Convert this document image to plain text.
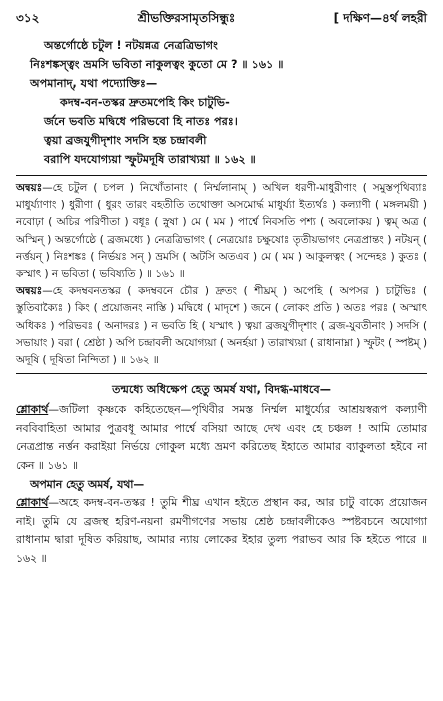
৩১২	শ্রীভক্তিরসামৃতসিন্ধুঃ	[ দক্ষিণ—৪র্থ লহরী
অন্তর্গোষ্ঠে চটুল ! নটয়ন্নত্র নেত্রত্রিভাগং
নিঃশঙ্কস্ত্বং ভ্রমসি ভবিতা নাকুলত্বং কুতো মে ? ॥ ১৬১ ॥
অপমানাদ্‌, যথা পদ্যোক্তিঃ—
কদম্ব-বন-তস্কর দ্রুতমপেহি কিং চাটুভি-
র্জনে ভবতি মদ্বিধে পরিভবো হি নাতঃ পরঃ।
ত্বয়া ব্রজযুগীদৃশাং সদসি হন্ত চন্দ্রাবলী
বরাপি যদযোগ্যয়া স্ফুটমদূষি তারাখ্যয়া ॥ ১৬২ ॥

অন্বয়ঃ—হে চটুল ( চপল ) নিখোঁতানাং ( নির্ম্মলানাম্‌ ) অখিল ধরণী-মাধুরীণাং ( সমুস্তপৃথিব্যাঃ মাধুর্য্যাণাং ) ধুরীণা ( ধুরং তারং বহতীতি তথোক্তা অসমোর্দ্ধ মাধুর্য্যা ইত্যর্থঃ ) কল্যাণী ( মঙ্গলময়ী ) নবোঢ়া ( অচির পরিণীতা ) বধূঃ ( স্নুষা ) মে ( মম ) পার্শ্বে নিবসতি পশ্য ( অবলোকয় ) ত্বম্‌ অত্র ( অস্মিন্‌ ) অন্তর্গোষ্ঠে ( ব্রজমধ্যে ) নেত্রত্রিভাগং ( নেত্রয়োঃ চক্ষুষোঃ তৃতীয়ভাগং নেত্রপ্রান্তং ) নটয়ন্‌ ( নর্ত্তয়ন্‌ ) নিঃশঙ্কঃ ( নির্ভয়ঃ সন্‌ ) ভ্রমসি ( অটসি অতএব ) মে ( মম ) আকুলত্বং ( সন্দেহঃ ) কুতঃ ( কস্মাৎ ) ন ভবিতা ( ভবিষ্যতি ) ॥ ১৬১ ॥

অন্বয়ঃ—হে কদম্ববনতস্কর ( কদম্ববনে চৌর ) দ্রুতং ( শীঘ্রম্‌ ) অপেহি ( অপসর ) চাটুভিঃ ( স্তুতিবাক্যৈঃ ) কিং ( প্রয়োজনং নাস্তি ) মদ্বিধে ( মাদৃশে ) জনে ( লোকং প্রতি ) অতঃ পরঃ ( অস্মাৎ অধিকঃ ) পরিভবঃ ( অনাদরঃ ) ন ভবতি হি ( যস্মাৎ ) ত্বয়া ব্রজযুগীদৃশাং ( ব্রজ-যুবতীনাং ) সদসি ( সভায়াং ) বরা ( শ্রেষ্ঠা ) অপি চন্দ্রাবলী অযোগ্যয়া ( অনর্হয়া ) তারাখ্যয়া ( রাধানাম্না ) স্ফুটং ( স্পষ্টম্‌ ) অদূষি ( দূষিতা নিন্দিতা ) ॥ ১৬২ ॥

তন্মধ্যে অধিক্ষেপ হেতু অমর্ষ যথা, বিদগ্ধ-মাধবে—

শ্লোকার্থ—জটিলা কৃষ্ণকে কহিতেছেন—পৃথিবীর সমস্ত নির্ম্মল মাধুর্য্যের আশ্রয়স্বরূপ কল্যাণী নববিবাহিতা আমার পুত্রবধূ আমার পার্শ্বে বসিয়া আছে দেখ এবং হে চঞ্চল ! আমি তোমার নেত্রপ্রান্ত নর্ত্তন করাইয়া নির্ভয়ে গোকুল মধ্যে ভ্রমণ করিতেছ ইহাতে আমার ব্যাকুলতা হইবে না কেন ॥ ১৬১ ॥

অপমান হেতু অমর্ষ, যথা—

শ্লোকার্থ—অহে কদম্ব-বন-তস্কর ! তুমি শীঘ্র এখান হইতে প্রস্থান কর, আর চাটু বাক্যে প্রয়োজন নাই। তুমি যে ব্রজস্থ হরিণ-নয়না রমণীগণের সভায় শ্রেষ্ঠ চন্দ্রাবলীকেও স্পষ্টবচনে অযোগ্যা রাধানাম দ্বারা দূষিত করিয়াছ, আমার ন্যায় লোকের ইহার তুল্য পরাভব আর কি হইতে পারে ॥ ১৬২ ॥
